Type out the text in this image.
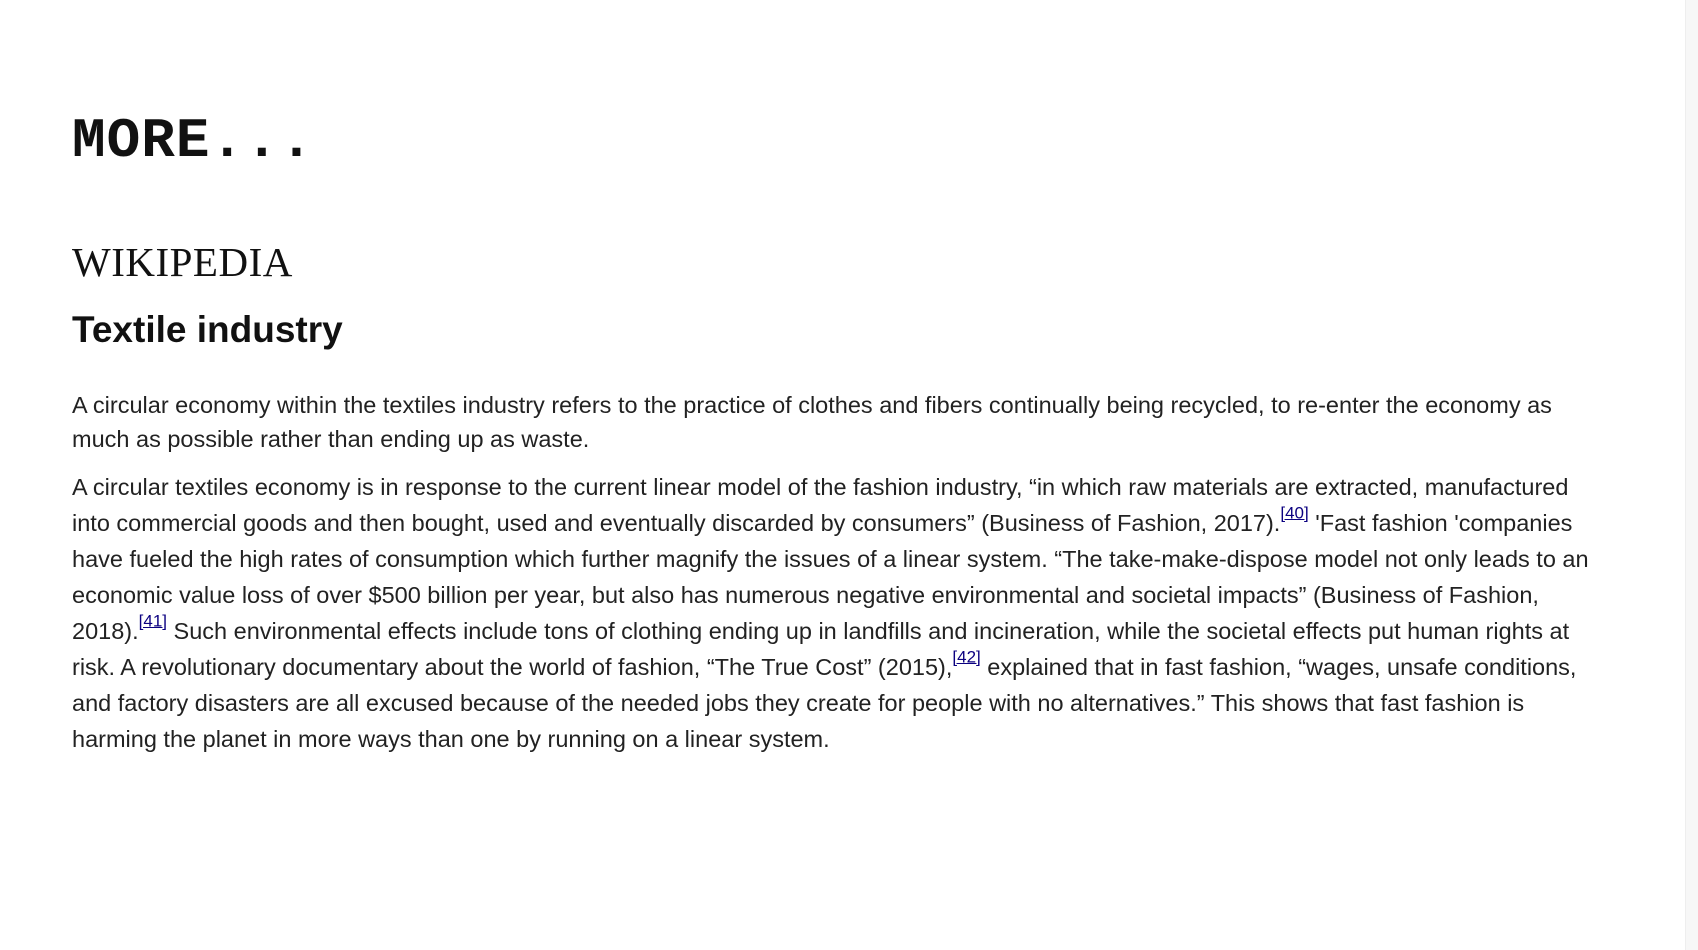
MORE...
WIKIPEDIA
Textile industry

A circular economy within the textiles industry refers to the practice of clothes and fibers continually being recycled, to re-enter the economy as much as possible rather than ending up as waste.

A circular textiles economy is in response to the current linear model of the fashion industry, “in which raw materials are extracted, manufactured into commercial goods and then bought, used and eventually discarded by consumers” (Business of Fashion, 2017).[40] 'Fast fashion 'companies have fueled the high rates of consumption which further magnify the issues of a linear system. “The take-make-dispose model not only leads to an economic value loss of over $500 billion per year, but also has numerous negative environmental and societal impacts” (Business of Fashion, 2018).[41] Such environmental effects include tons of clothing ending up in landfills and incineration, while the societal effects put human rights at risk. A revolutionary documentary about the world of fashion, “The True Cost” (2015),[42] explained that in fast fashion, “wages, unsafe conditions, and factory disasters are all excused because of the needed jobs they create for people with no alternatives.” This shows that fast fashion is harming the planet in more ways than one by running on a linear system.
